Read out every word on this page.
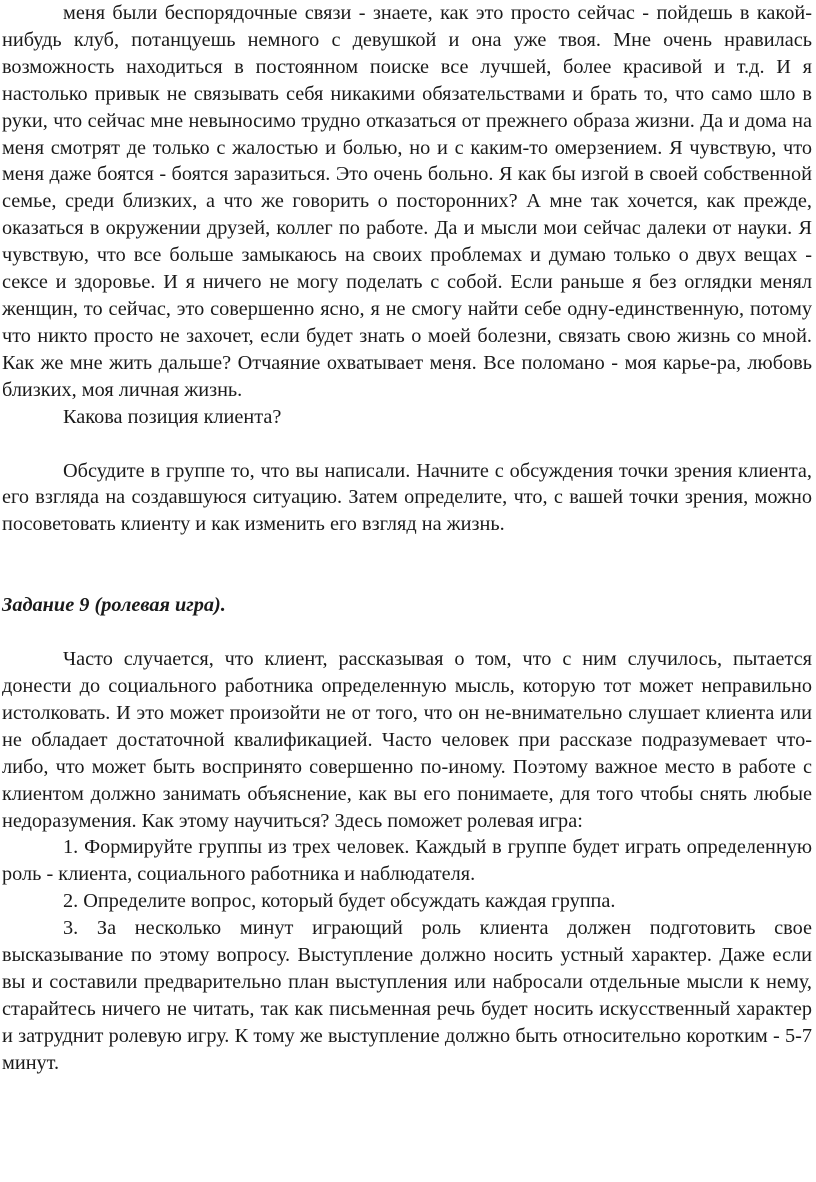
меня были беспорядочные связи - знаете, как это просто сейчас - пойдешь в какой-нибудь клуб, потанцуешь немного с девушкой и она уже твоя. Мне очень нравилась возможность находиться в постоянном поиске все лучшей, более красивой и т.д. И я настолько привык не связывать себя никакими обязательствами и брать то, что само шло в руки, что сейчас мне невыносимо трудно отказаться от прежнего образа жизни. Да и дома на меня смотрят де только с жалостью и болью, но и с каким-то омерзением. Я чувствую, что меня даже боятся - боятся заразиться. Это очень больно. Я как бы изгой в своей собственной семье, среди близких, а что же говорить о посторонних? А мне так хочется, как прежде, оказаться в окружении друзей, коллег по работе. Да и мысли мои сейчас далеки от науки. Я чувствую, что все больше замыкаюсь на своих проблемах и думаю только о двух вещах - сексе и здоровье. И я ничего не могу поделать с собой. Если раньше я без оглядки менял женщин, то сейчас, это совершенно ясно, я не смогу найти себе одну-единственную, потому что никто просто не захочет, если будет знать о моей болезни, связать свою жизнь со мной. Как же мне жить дальше? Отчаяние охватывает меня. Все поломано - моя карье-ра, любовь близких, моя личная жизнь.

Какова позиция клиента?

Обсудите в группе то, что вы написали. Начните с обсуждения точки зрения клиента, его взгляда на создавшуюся ситуацию. Затем определите, что, с вашей точки зрения, можно посоветовать клиенту и как изменить его взгляд на жизнь.

Задание 9 (ролевая игра).

Часто случается, что клиент, рассказывая о том, что с ним случилось, пытается донести до социального работника определенную мысль, которую тот может неправильно истолковать. И это может произойти не от того, что он не-внимательно слушает клиента или не обладает достаточной квалификацией. Часто человек при рассказе подразумевает что-либо, что может быть воспринято совершенно по-иному. Поэтому важное место в работе с клиентом должно занимать объяснение, как вы его понимаете, для того чтобы снять любые недоразумения. Как этому научиться? Здесь поможет ролевая игра:

1. Формируйте группы из трех человек. Каждый в группе будет играть определенную роль - клиента, социального работника и наблюдателя.

2. Определите вопрос, который будет обсуждать каждая группа.

3. За несколько минут играющий роль клиента должен подготовить свое высказывание по этому вопросу. Выступление должно носить устный характер. Даже если вы и составили предварительно план выступления или набросали отдельные мысли к нему, старайтесь ничего не читать, так как письменная речь будет носить искусственный характер и затруднит ролевую игру. К тому же выступление должно быть относительно коротким - 5-7 минут.
